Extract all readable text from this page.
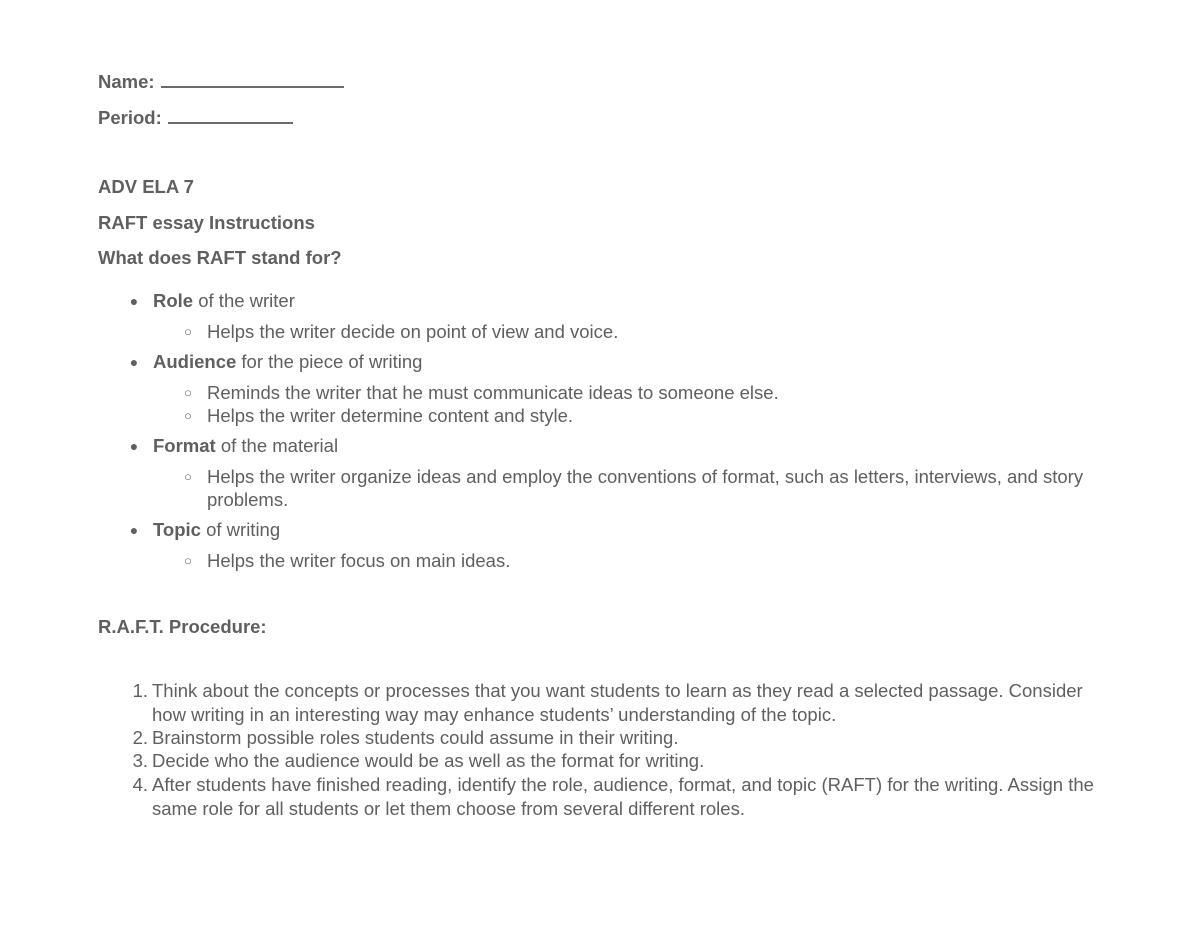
Name:
Period:
ADV ELA 7
RAFT essay Instructions
What does RAFT stand for?
● Role of the writer
○ Helps the writer decide on point of view and voice.
● Audience for the piece of writing
○ Reminds the writer that he must communicate ideas to someone else.
○ Helps the writer determine content and style.
● Format of the material
○ Helps the writer organize ideas and employ the conventions of format, such as letters, interviews, and story problems.
● Topic of writing
○ Helps the writer focus on main ideas.
R.A.F.T. Procedure:
1. Think about the concepts or processes that you want students to learn as they read a selected passage. Consider how writing in an interesting way may enhance students’ understanding of the topic.
2. Brainstorm possible roles students could assume in their writing.
3. Decide who the audience would be as well as the format for writing.
4. After students have finished reading, identify the role, audience, format, and topic (RAFT) for the writing. Assign the same role for all students or let them choose from several different roles.
